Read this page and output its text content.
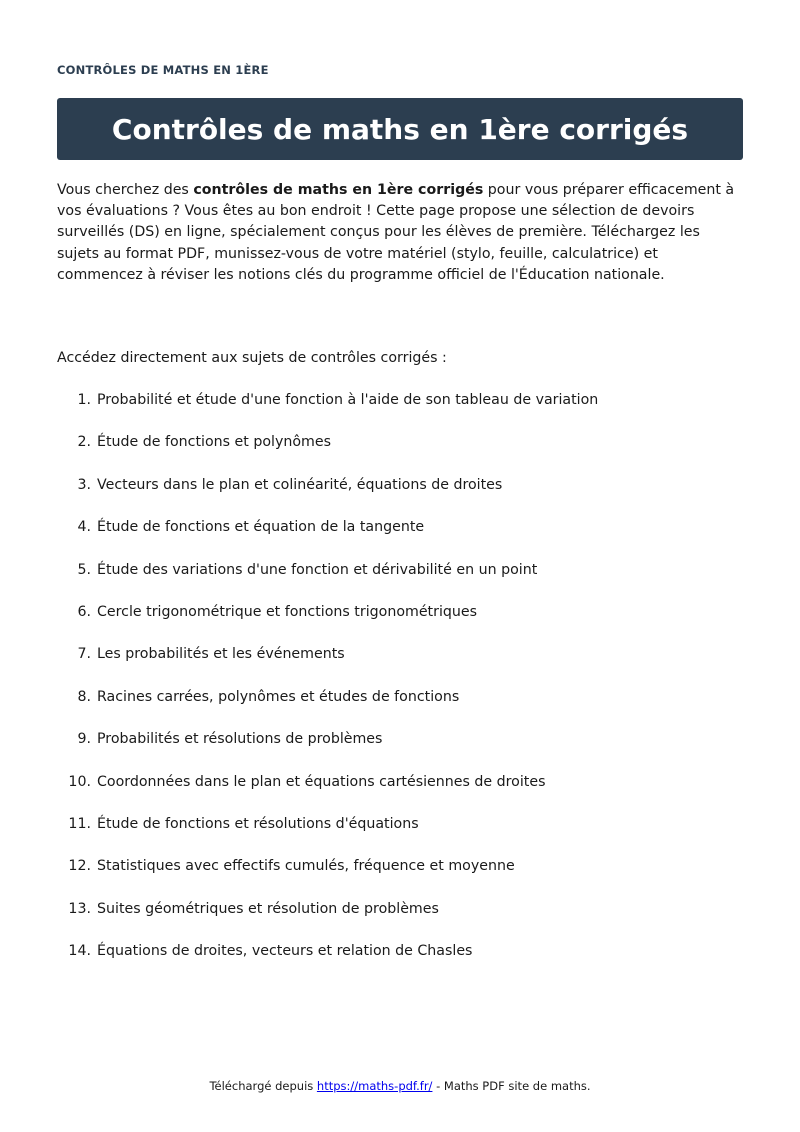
CONTRÔLES DE MATHS EN 1ÈRE
Contrôles de maths en 1ère corrigés

Vous cherchez des contrôles de maths en 1ère corrigés pour vous préparer efficacement à vos évaluations ? Vous êtes au bon endroit ! Cette page propose une sélection de devoirs surveillés (DS) en ligne, spécialement conçus pour les élèves de première. Téléchargez les sujets au format PDF, munissez-vous de votre matériel (stylo, feuille, calculatrice) et commencez à réviser les notions clés du programme officiel de l'Éducation nationale.

Accédez directement aux sujets de contrôles corrigés :

1. Probabilité et étude d'une fonction à l'aide de son tableau de variation
2. Étude de fonctions et polynômes
3. Vecteurs dans le plan et colinéarité, équations de droites
4. Étude de fonctions et équation de la tangente
5. Étude des variations d'une fonction et dérivabilité en un point
6. Cercle trigonométrique et fonctions trigonométriques
7. Les probabilités et les événements
8. Racines carrées, polynômes et études de fonctions
9. Probabilités et résolutions de problèmes
10. Coordonnées dans le plan et équations cartésiennes de droites
11. Étude de fonctions et résolutions d'équations
12. Statistiques avec effectifs cumulés, fréquence et moyenne
13. Suites géométriques et résolution de problèmes
14. Équations de droites, vecteurs et relation de Chasles
Téléchargé depuis https://maths-pdf.fr/ - Maths PDF site de maths.
